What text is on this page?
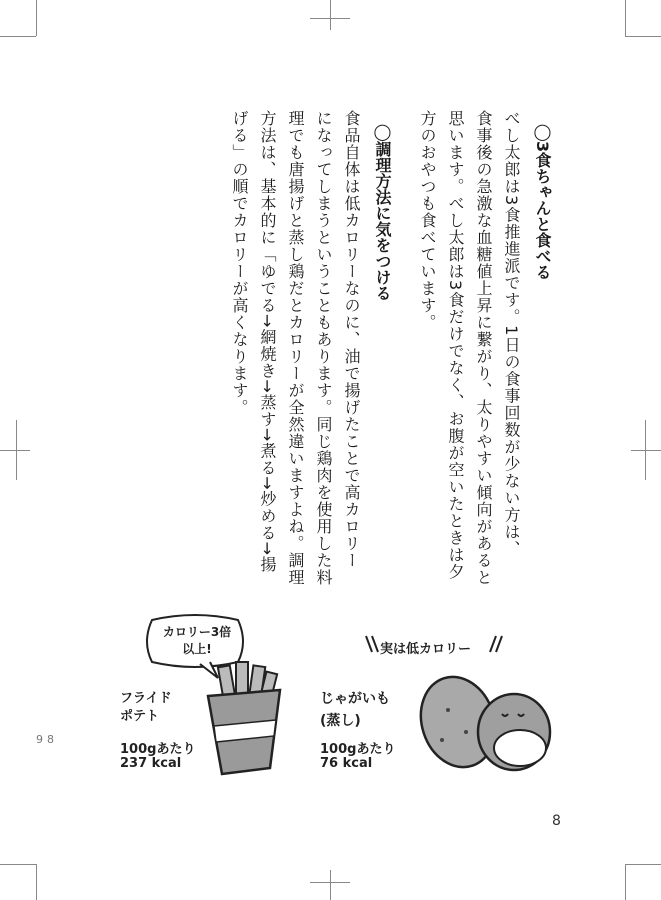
◯3食ちゃんと食べる
べし太郎は3食推進派です。1日の食事回数が少ない方は、
食事後の急激な血糖値上昇に繋がり、太りやすい傾向があると
思います。べし太郎は3食だけでなく、お腹が空いたときは夕
方のおやつも食べています。
◯調理方法に気をつける
食品自体は低カロリーなのに、油で揚げたことで高カロリー
になってしまうということもあります。同じ鶏肉を使用した料
理でも唐揚げと蒸し鶏だとカロリーが全然違いますよね。調理
方法は、基本的に「ゆでる→網焼き→蒸す→煮る→炒める→揚
げる」の順でカロリーが高くなります。
カロリー3倍
以上!
フライド
ポテト
100gあたり
237 kcal
実は低カロリー
じゃがいも
(蒸し)
100gあたり
76 kcal
98
8
